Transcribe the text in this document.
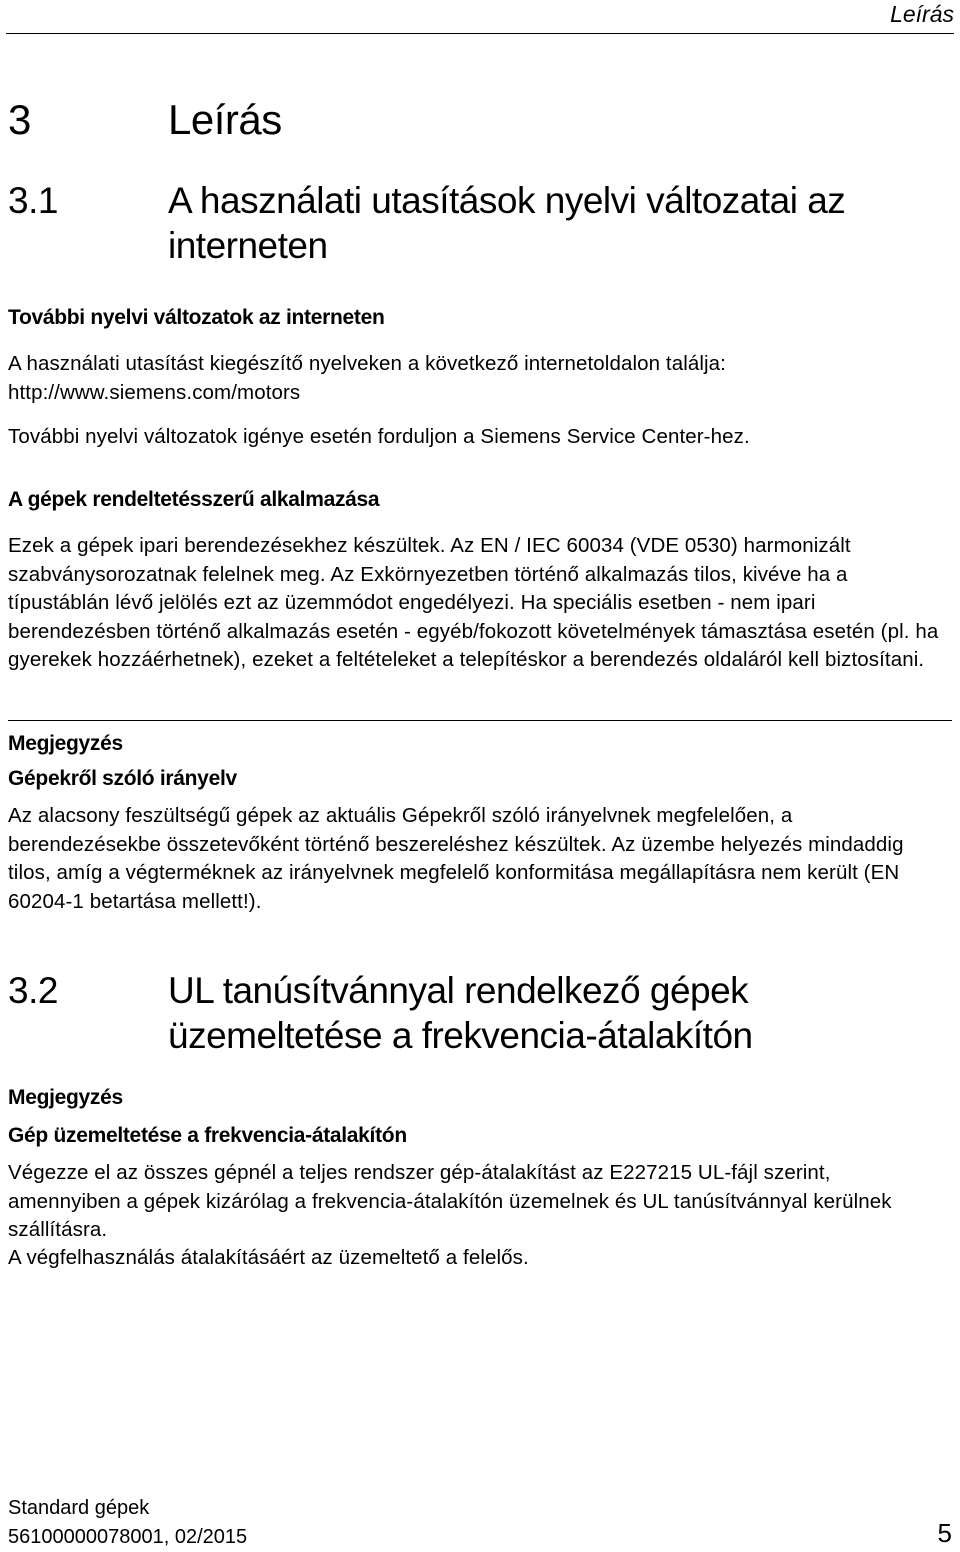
Leírás
3	Leírás
3.1	A használati utasítások nyelvi változatai az interneten
További nyelvi változatok az interneten

A használati utasítást kiegészítő nyelveken a következő internetoldalon találja: http://www.siemens.com/motors

További nyelvi változatok igénye esetén forduljon a Siemens Service Center-hez.

A gépek rendeltetésszerű alkalmazása

Ezek a gépek ipari berendezésekhez készültek. Az EN / IEC 60034 (VDE 0530) harmonizált szabványsorozatnak felelnek meg. Az Exkörnyezetben történő alkalmazás tilos, kivéve ha a típustáblán lévő jelölés ezt az üzemmódot engedélyezi. Ha speciális esetben - nem ipari berendezésben történő alkalmazás esetén - egyéb/fokozott követelmények támasztása esetén (pl. ha gyerekek hozzáérhetnek), ezeket a feltételeket a telepítéskor a berendezés oldaláról kell biztosítani.

Megjegyzés
Gépekről szóló irányelv

Az alacsony feszültségű gépek az aktuális Gépekről szóló irányelvnek megfelelően, a berendezésekbe összetevőként történő beszereléshez készültek. Az üzembe helyezés mindaddig tilos, amíg a végterméknek az irányelvnek megfelelő konformitása megállapításra nem került (EN 60204-1 betartása mellett!).

3.2	UL tanúsítvánnyal rendelkező gépek üzemeltetése a frekvencia-átalakítón
Megjegyzés
Gép üzemeltetése a frekvencia-átalakítón

Végezze el az összes gépnél a teljes rendszer gép-átalakítást az E227215 UL-fájl szerint, amennyiben a gépek kizárólag a frekvencia-átalakítón üzemelnek és UL tanúsítvánnyal kerülnek szállításra.

A végfelhasználás átalakításáért az üzemeltető a felelős.

Standard gépek
56100000078001, 02/2015	5
